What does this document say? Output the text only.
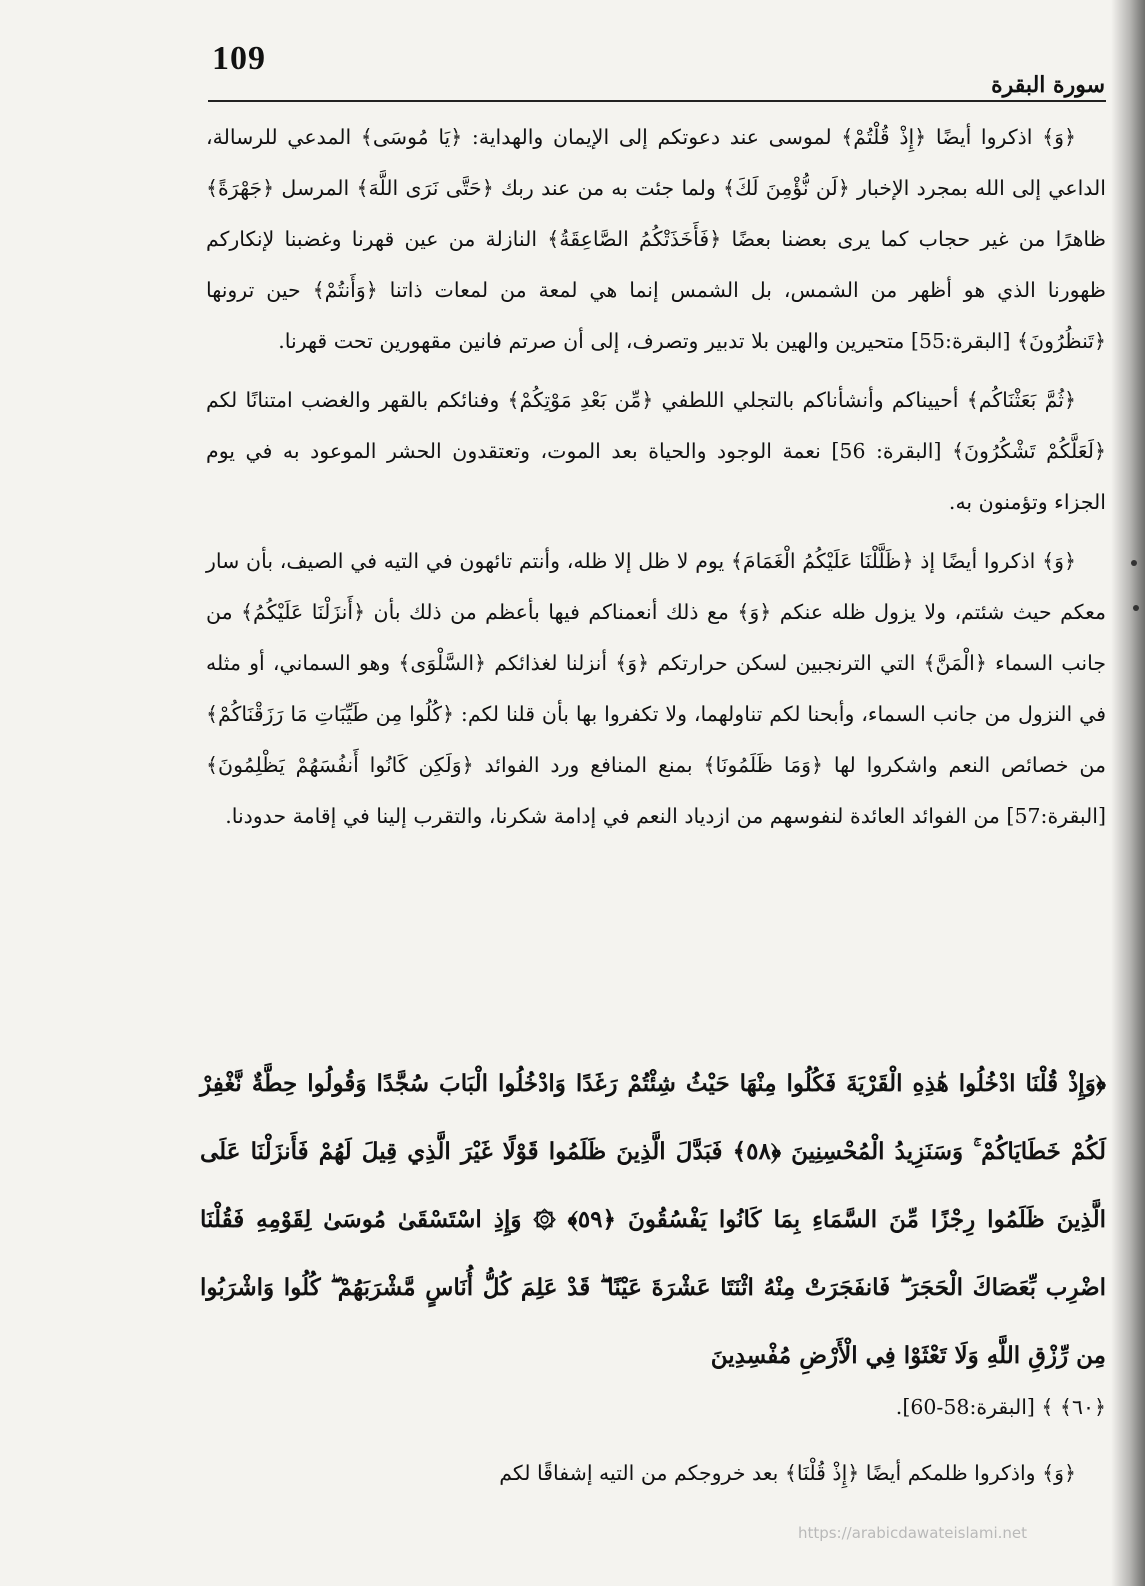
109
سورة البقرة

﴿وَ﴾ اذكروا أيضًا ﴿إِذْ قُلْتُمْ﴾ لموسى عند دعوتكم إلى الإيمان والهداية: ﴿يَا مُوسَى﴾ المدعي للرسالة، الداعي إلى الله بمجرد الإخبار ﴿لَن نُّؤْمِنَ لَكَ﴾ ولما جئت به من عند ربك ﴿حَتَّى نَرَى اللَّهَ﴾ المرسل ﴿جَهْرَةً﴾ ظاهرًا من غير حجاب كما يرى بعضنا بعضًا ﴿فَأَخَذَتْكُمُ الصَّاعِقَةُ﴾ النازلة من عين قهرنا وغضبنا لإنكاركم ظهورنا الذي هو أظهر من الشمس، بل الشمس إنما هي لمعة من لمعات ذاتنا ﴿وَأَنتُمْ﴾ حين ترونها ﴿تَنظُرُونَ﴾ [البقرة:55] متحيرين والهين بلا تدبير وتصرف، إلى أن صرتم فانين مقهورين تحت قهرنا.

﴿ثُمَّ بَعَثْنَاكُم﴾ أحييناكم وأنشأناكم بالتجلي اللطفي ﴿مِّن بَعْدِ مَوْتِكُمْ﴾ وفنائكم بالقهر والغضب امتنانًا لكم ﴿لَعَلَّكُمْ تَشْكُرُونَ﴾ [البقرة: 56] نعمة الوجود والحياة بعد الموت، وتعتقدون الحشر الموعود به في يوم الجزاء وتؤمنون به.

﴿وَ﴾ اذكروا أيضًا إذ ﴿ظَلَّلْنَا عَلَيْكُمُ الْغَمَامَ﴾ يوم لا ظل إلا ظله، وأنتم تائهون في التيه في الصيف، بأن سار معكم حيث شئتم، ولا يزول ظله عنكم ﴿وَ﴾ مع ذلك أنعمناكم فيها بأعظم من ذلك بأن ﴿أَنزَلْنَا عَلَيْكُمُ﴾ من جانب السماء ﴿الْمَنَّ﴾ التي الترنجبين لسكن حرارتكم ﴿وَ﴾ أنزلنا لغذائكم ﴿السَّلْوَى﴾ وهو السماني، أو مثله في النزول من جانب السماء، وأبحنا لكم تناولهما، ولا تكفروا بها بأن قلنا لكم: ﴿كُلُوا مِن طَيِّبَاتِ مَا رَزَقْنَاكُمْ﴾ من خصائص النعم واشكروا لها ﴿وَمَا ظَلَمُونَا﴾ بمنع المنافع ورد الفوائد ﴿وَلَكِن كَانُوا أَنفُسَهُمْ يَظْلِمُونَ﴾ [البقرة:57] من الفوائد العائدة لنفوسهم من ازدياد النعم في إدامة شكرنا، والتقرب إلينا في إقامة حدودنا.

﴿وَإِذْ قُلْنَا ادْخُلُوا هَٰذِهِ الْقَرْيَةَ فَكُلُوا مِنْهَا حَيْثُ شِئْتُمْ رَغَدًا وَادْخُلُوا الْبَابَ سُجَّدًا وَقُولُوا حِطَّةٌ نَّغْفِرْ لَكُمْ خَطَايَاكُمْ ۚ وَسَنَزِيدُ الْمُحْسِنِينَ ﴿٥٨﴾ فَبَدَّلَ الَّذِينَ ظَلَمُوا قَوْلًا غَيْرَ الَّذِي قِيلَ لَهُمْ فَأَنزَلْنَا عَلَى الَّذِينَ ظَلَمُوا رِجْزًا مِّنَ السَّمَاءِ بِمَا كَانُوا يَفْسُقُونَ ﴿٥٩﴾ ۞ وَإِذِ اسْتَسْقَىٰ مُوسَىٰ لِقَوْمِهِ فَقُلْنَا اضْرِب بِّعَصَاكَ الْحَجَرَ ۖ فَانفَجَرَتْ مِنْهُ اثْنَتَا عَشْرَةَ عَيْنًا ۖ قَدْ عَلِمَ كُلُّ أُنَاسٍ مَّشْرَبَهُمْ ۖ كُلُوا وَاشْرَبُوا مِن رِّزْقِ اللَّهِ وَلَا تَعْثَوْا فِي الْأَرْضِ مُفْسِدِينَ

﴿٦٠﴾ ﴾ [البقرة:58-60].

﴿وَ﴾ واذكروا ظلمكم أيضًا ﴿إِذْ قُلْنَا﴾ بعد خروجكم من التيه إشفاقًا لكم
https://arabicdawateislami.net
